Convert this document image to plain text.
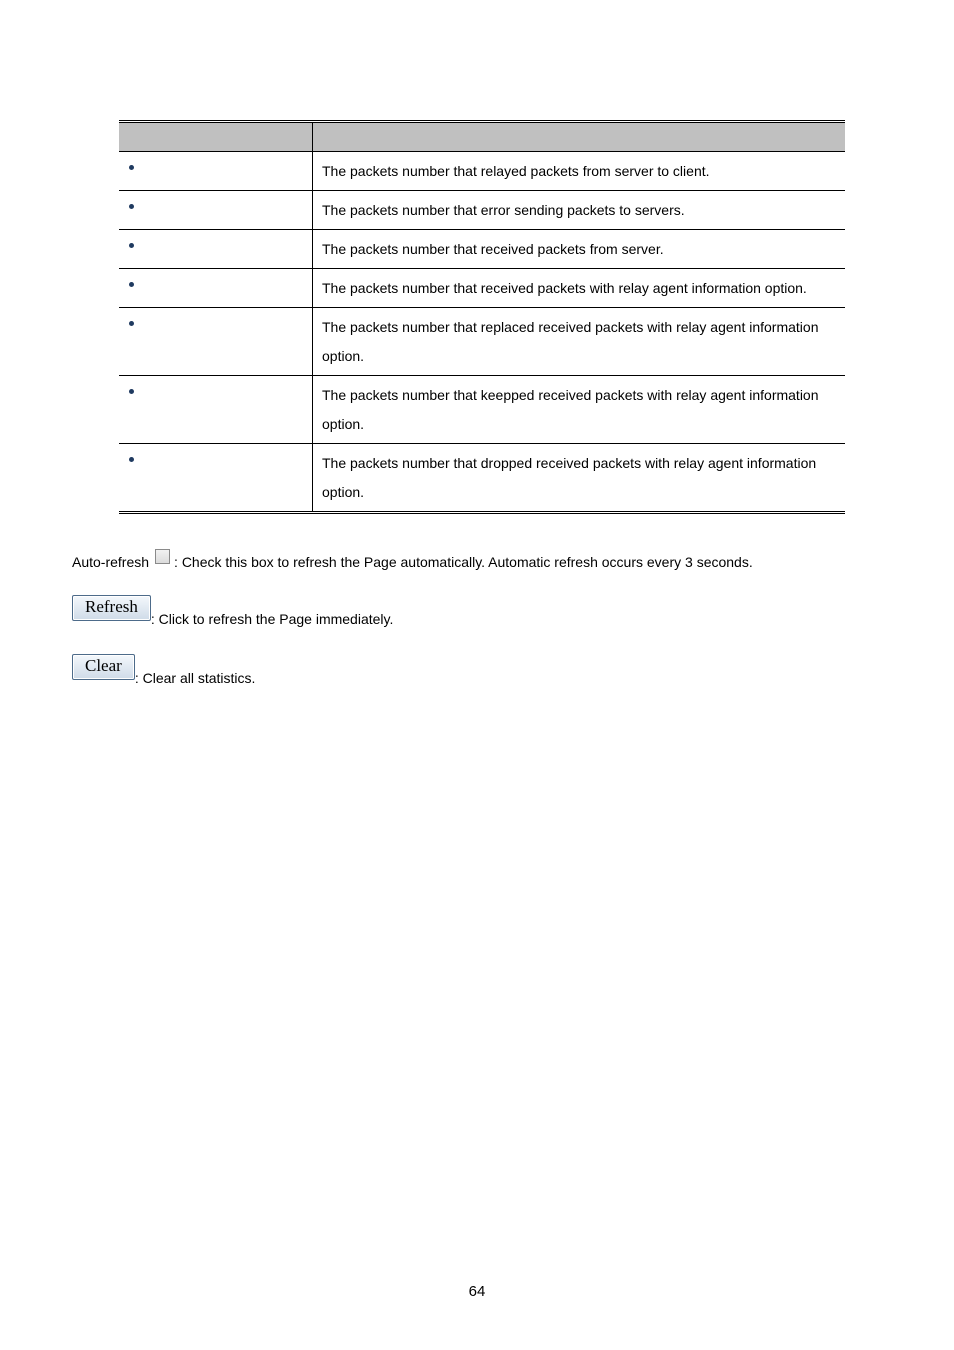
	The packets number that relayed packets from server to client.

	The packets number that error sending packets to servers.

	The packets number that received packets from server.

	The packets number that received packets with relay agent information option.

	The packets number that replaced received packets with relay agent information option.

	The packets number that keepped received packets with relay agent information option.

	The packets number that dropped received packets with relay agent information option.
Auto-refresh : Check this box to refresh the Page automatically. Automatic refresh occurs every 3 seconds.
Refresh: Click to refresh the Page immediately.
Clear: Clear all statistics.
64
